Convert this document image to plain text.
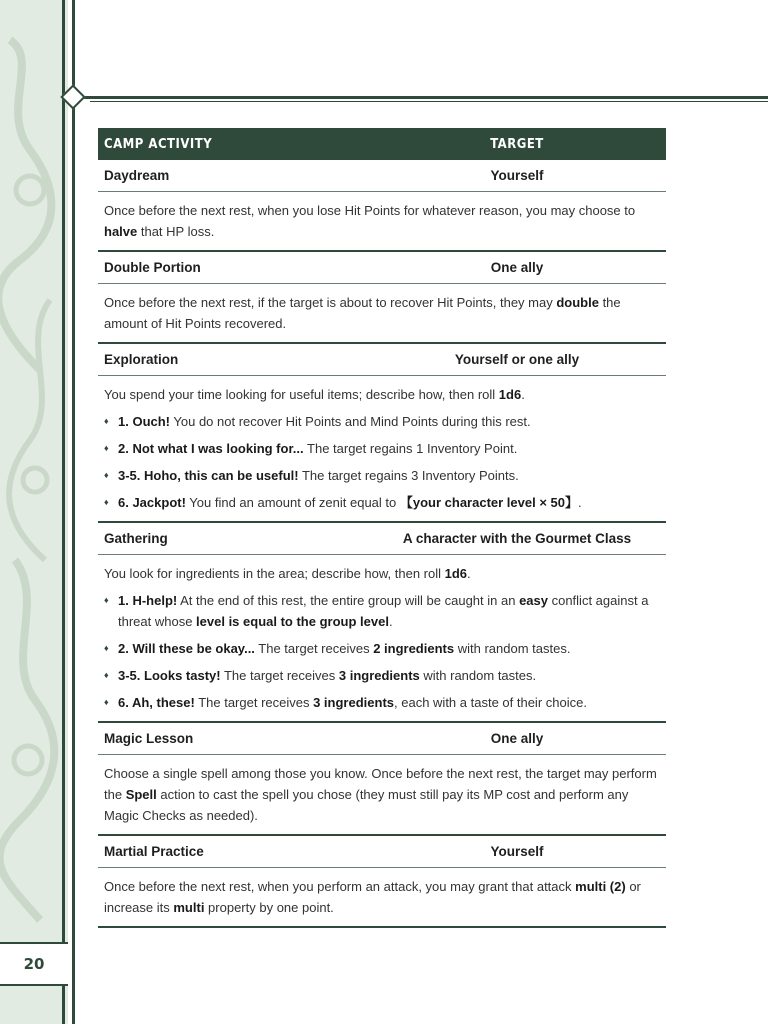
20
CAMP ACTIVITY	TARGET
Daydream	Yourself

Once before the next rest, when you lose Hit Points for whatever reason, you may choose to halve that HP loss.

Double Portion	One ally

Once before the next rest, if the target is about to recover Hit Points, they may double the amount of Hit Points recovered.

Exploration	Yourself or one ally

You spend your time looking for useful items; describe how, then roll 1d6.

♦ 1. Ouch! You do not recover Hit Points and Mind Points during this rest.
♦ 2. Not what I was looking for... The target regains 1 Inventory Point.
♦ 3-5. Hoho, this can be useful! The target regains 3 Inventory Points.
♦ 6. Jackpot! You find an amount of zenit equal to 【your character level × 50】.
Gathering	A character with the Gourmet Class

You look for ingredients in the area; describe how, then roll 1d6.

♦ 1. H-help! At the end of this rest, the entire group will be caught in an easy conflict against a threat whose level is equal to the group level.
♦ 2. Will these be okay... The target receives 2 ingredients with random tastes.
♦ 3-5. Looks tasty! The target receives 3 ingredients with random tastes.
♦ 6. Ah, these! The target receives 3 ingredients, each with a taste of their choice.
Magic Lesson	One ally

Choose a single spell among those you know. Once before the next rest, the target may perform the Spell action to cast the spell you chose (they must still pay its MP cost and perform any Magic Checks as needed).

Martial Practice	Yourself

Once before the next rest, when you perform an attack, you may grant that attack multi (2) or increase its multi property by one point.
